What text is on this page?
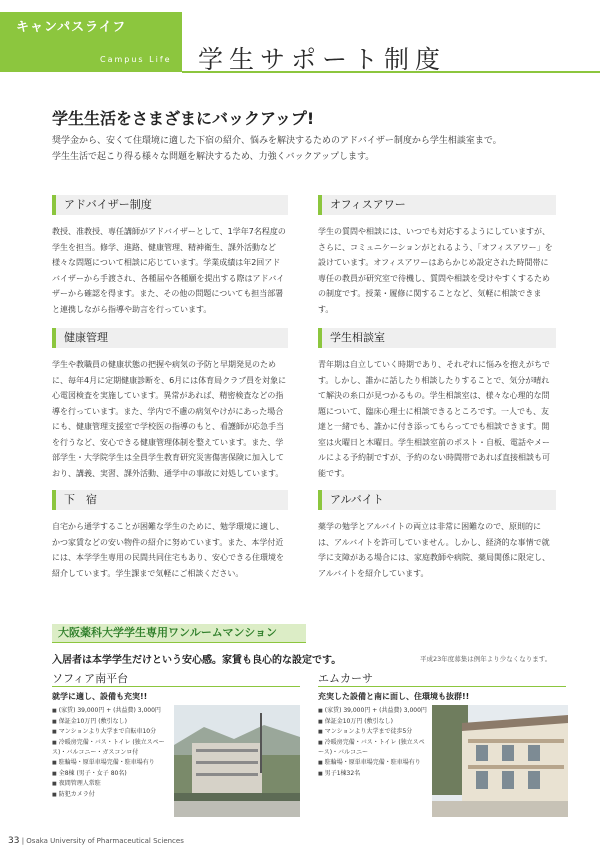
キャンパスライフ
Campus Life 学生サポート制度
学生生活をさまざまにバックアップ!
奨学金から、安くて住環境に適した下宿の紹介、悩みを解決するためのアドバイザー制度から学生相談室まで。
学生生活で起こり得る様々な問題を解決するため、力強くバックアップします。
アドバイザー制度
教授、准教授、専任講師がアドバイザーとして、1学年7名程度の学生を担当。修学、進路、健康管理、精神衛生、課外活動など様々な問題について相談に応じています。学業成績は年2回アドバイザーから手渡され、各種届や各種願を提出する際はアドバイザーから確認を得ます。また、その他の問題についても担当部署と連携しながら指導や助言を行っています。
健康管理
学生や教職員の健康状態の把握や病気の予防と早期発見のために、毎年4月に定期健康診断を、6月には体育局クラブ員を対象に心電図検査を実施しています。異常があれば、精密検査などの指導を行っています。また、学内で不慮の病気やけがにあった場合にも、健康管理支援室で学校医の指導のもと、看護師が応急手当を行うなど、安心できる健康管理体制を整えています。また、学部学生・大学院学生は全員学生教育研究災害傷害保険に加入しており、講義、実習、課外活動、通学中の事故に対処しています。
下　宿
自宅から通学することが困難な学生のために、勉学環境に適し、かつ家賃などの安い物件の紹介に努めています。また、本学付近には、本学学生専用の民間共同住宅もあり、安心できる住環境を紹介しています。学生課まで気軽にご相談ください。
オフィスアワー
学生の質問や相談には、いつでも対応するようにしていますが、さらに、コミュニケーションがとれるよう、「オフィスアワー」を設けています。オフィスアワーはあらかじめ設定された時間帯に専任の教員が研究室で待機し、質問や相談を受けやすくするための制度です。授業・履修に関することなど、気軽に相談できます。
学生相談室
青年期は自立していく時期であり、それぞれに悩みを抱えがちです。しかし、誰かに話したり相談したりすることで、気分が晴れて解決の糸口が見つかるもの。学生相談室は、様々な心理的な問題について、臨床心理士に相談できるところです。一人でも、友達と一緒でも、誰かに付き添ってもらってでも相談できます。開室は火曜日と木曜日。学生相談室前のポスト・自板、電話やメールによる予約制ですが、予約のない時間帯であれば直接相談も可能です。
アルバイト
薬学の勉学とアルバイトの両立は非常に困難なので、原則的には、アルバイトを許可していません。しかし、経済的な事情で就学に支障がある場合には、家庭教師や病院、薬局関係に限定し、アルバイトを紹介しています。
大阪薬科大学学生専用ワンルームマンション
入居者は本学学生だけという安心感。家賃も良心的な設定です。	平成23年度募集は例年より少なくなります。
ソフィア南平台
就学に適し、設備も充実!!
■ (家賃) 39,000円 + (共益費) 3,000円
■ 保証金10万円 (敷引なし)
■ マンションより大学まで自転車10分
■ 冷暖房完備・バス・トイレ (独立スペース)・バルコニー・ガスコンロ付
■ 駐輪場・原単車場完備・駐車場有り
■ 全8棟 (男子・女子 80名)
■ 夜間管理人常駐
■ 防犯カメラ付
エムカーサ
充実した設備と南に面し、住環境も抜群!!
■ (家賃) 39,000円 + (共益費) 3,000円
■ 保証金10万円 (敷引なし)
■ マンションより大学まで徒歩5分
■ 冷暖房完備・バス・トイレ (独立スペース)・バルコニー
■ 駐輪場・原単車場完備・駐車場有り
■ 男子1棟32名
33 | Osaka University of Pharmaceutical Sciences
